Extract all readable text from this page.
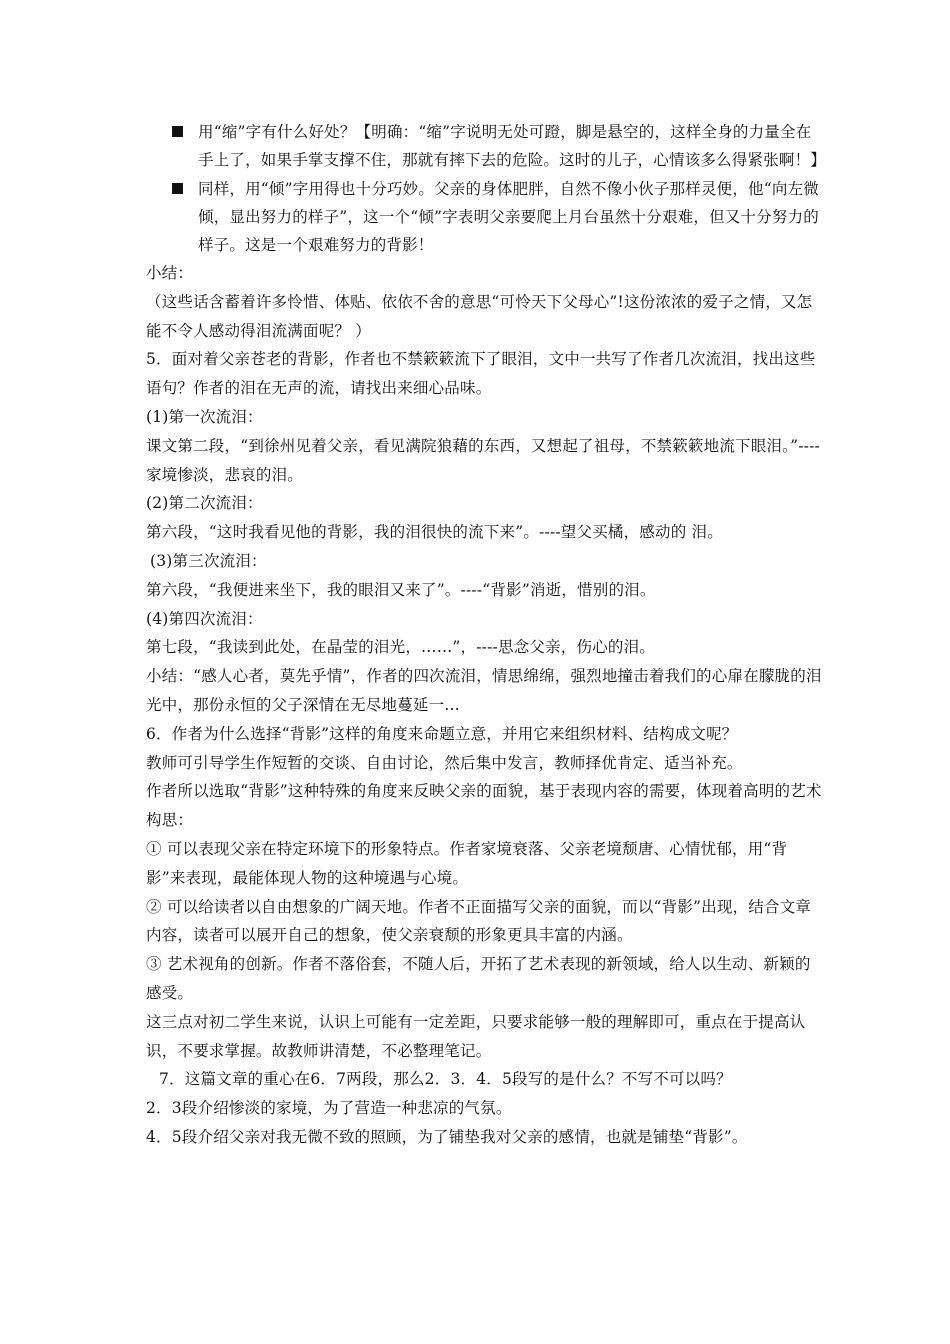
用“缩”字有什么好处？【明确：“缩”字说明无处可蹬，脚是悬空的，这样全身的力量全在手上了，如果手掌支撑不住，那就有摔下去的危险。这时的儿子，心情该多么得紧张啊！】
同样，用“倾”字用得也十分巧妙。父亲的身体肥胖，自然不像小伙子那样灵便，他“向左微倾，显出努力的样子”，这一个“倾”字表明父亲要爬上月台虽然十分艰难，但又十分努力的样子。这是一个艰难努力的背影！
小结：
（这些话含蓄着许多怜惜、体贴、依依不舍的意思“可怜天下父母心”!这份浓浓的爱子之情，又怎能不令人感动得泪流满面呢？ ）
5．面对着父亲苍老的背影，作者也不禁簌簌流下了眼泪，文中一共写了作者几次流泪，找出这些语句？作者的泪在无声的流，请找出来细心品味。
(1)第一次流泪：
课文第二段，“到徐州见着父亲，看见满院狼藉的东西，又想起了祖母，不禁簌簌地流下眼泪。”----家境惨淡，悲哀的泪。
(2)第二次流泪：
第六段，“这时我看见他的背影，我的泪很快的流下来”。----望父买橘，感动的 泪。
(3)第三次流泪：
第六段，“我便进来坐下，我的眼泪又来了”。----“背影”消逝，惜别的泪。
(4)第四次流泪：
第七段，“我读到此处，在晶莹的泪光，……”，----思念父亲，伤心的泪。
小结：“感人心者，莫先乎情”，作者的四次流泪，情思绵绵，强烈地撞击着我们的心扉在朦胧的泪光中，那份永恒的父子深情在无尽地蔓延一…
6．作者为什么选择“背影”这样的角度来命题立意，并用它来组织材料、结构成文呢？
教师可引导学生作短暂的交谈、自由讨论，然后集中发言，教师择优肯定、适当补充。
作者所以选取“背影”这种特殊的角度来反映父亲的面貌，基于表现内容的需要，体现着高明的艺术构思：
① 可以表现父亲在特定环境下的形象特点。作者家境衰落、父亲老境颓唐、心情忧郁，用“背影”来表现，最能体现人物的这种境遇与心境。
② 可以给读者以自由想象的广阔天地。作者不正面描写父亲的面貌，而以“背影”出现，结合文章内容，读者可以展开自己的想象，使父亲衰颓的形象更具丰富的内涵。
③ 艺术视角的创新。作者不落俗套，不随人后，开拓了艺术表现的新领域，给人以生动、新颖的感受。
这三点对初二学生来说，认识上可能有一定差距，只要求能够一般的理解即可，重点在于提高认识，不要求掌握。故教师讲清楚，不必整理笔记。
7．这篇文章的重心在6．7两段，那么2．3．4．5段写的是什么？不写不可以吗？
2．3段介绍惨淡的家境，为了营造一种悲凉的气氛。
4．5段介绍父亲对我无微不致的照顾，为了铺垫我对父亲的感情，也就是铺垫“背影”。
